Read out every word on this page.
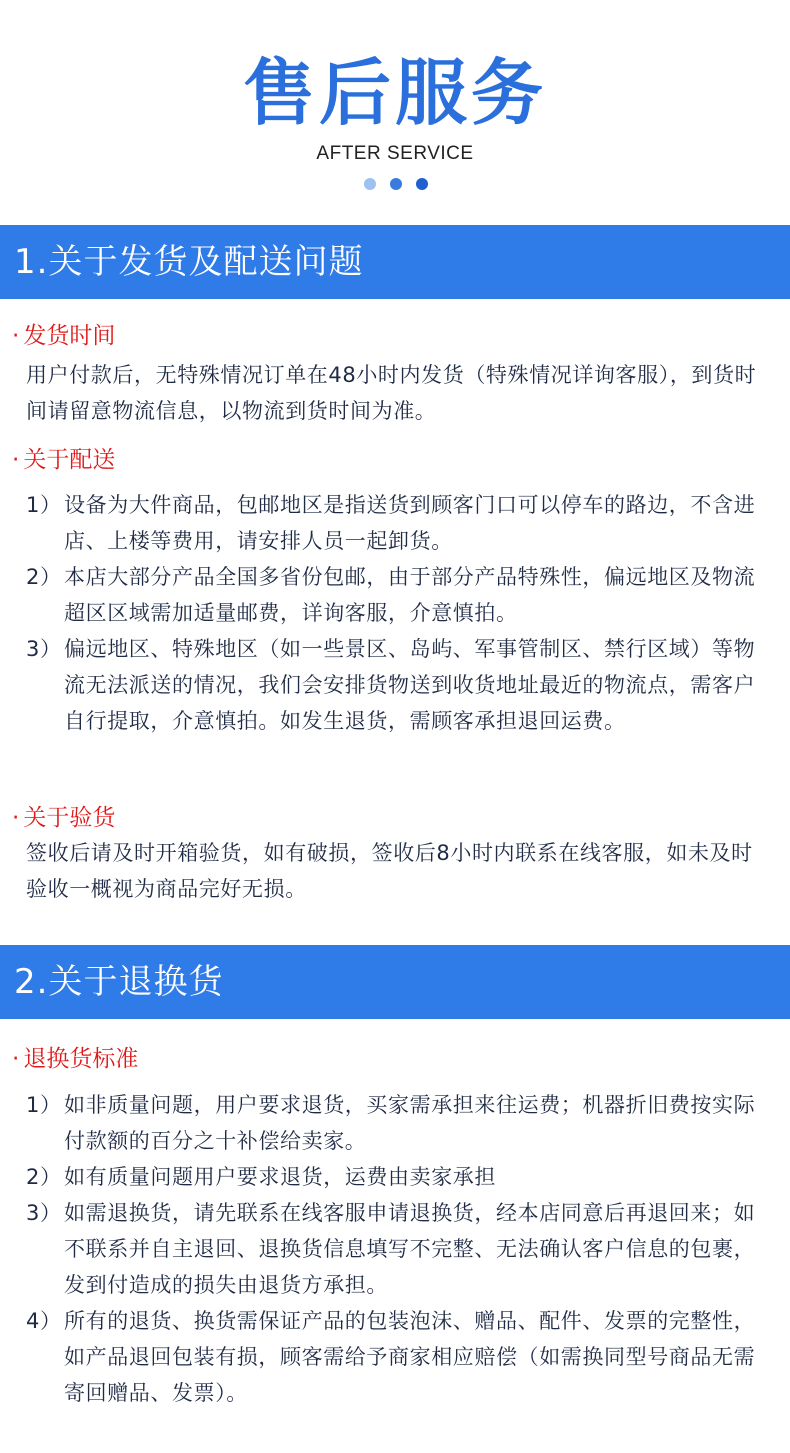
售后服务
AFTER SERVICE
1.关于发货及配送问题
· 发货时间
用户付款后，无特殊情况订单在48小时内发货（特殊情况详询客服），到货时间请留意物流信息，以物流到货时间为准。
· 关于配送
1） 设备为大件商品，包邮地区是指送货到顾客门口可以停车的路边，不含进店、上楼等费用，请安排人员一起卸货。
2） 本店大部分产品全国多省份包邮，由于部分产品特殊性，偏远地区及物流超区区域需加适量邮费，详询客服，介意慎拍。
3） 偏远地区、特殊地区（如一些景区、岛屿、军事管制区、禁行区域）等物流无法派送的情况，我们会安排货物送到收货地址最近的物流点，需客户自行提取，介意慎拍。如发生退货，需顾客承担退回运费。
· 关于验货
签收后请及时开箱验货，如有破损，签收后8小时内联系在线客服，如未及时验收一概视为商品完好无损。
2.关于退换货
· 退换货标准
1） 如非质量问题，用户要求退货，买家需承担来往运费；机器折旧费按实际付款额的百分之十补偿给卖家。
2） 如有质量问题用户要求退货，运费由卖家承担
3） 如需退换货，请先联系在线客服申请退换货，经本店同意后再退回来；如不联系并自主退回、退换货信息填写不完整、无法确认客户信息的包裹，发到付造成的损失由退货方承担。
4） 所有的退货、换货需保证产品的包装泡沫、赠品、配件、发票的完整性，如产品退回包装有损，顾客需给予商家相应赔偿（如需换同型号商品无需寄回赠品、发票）。
